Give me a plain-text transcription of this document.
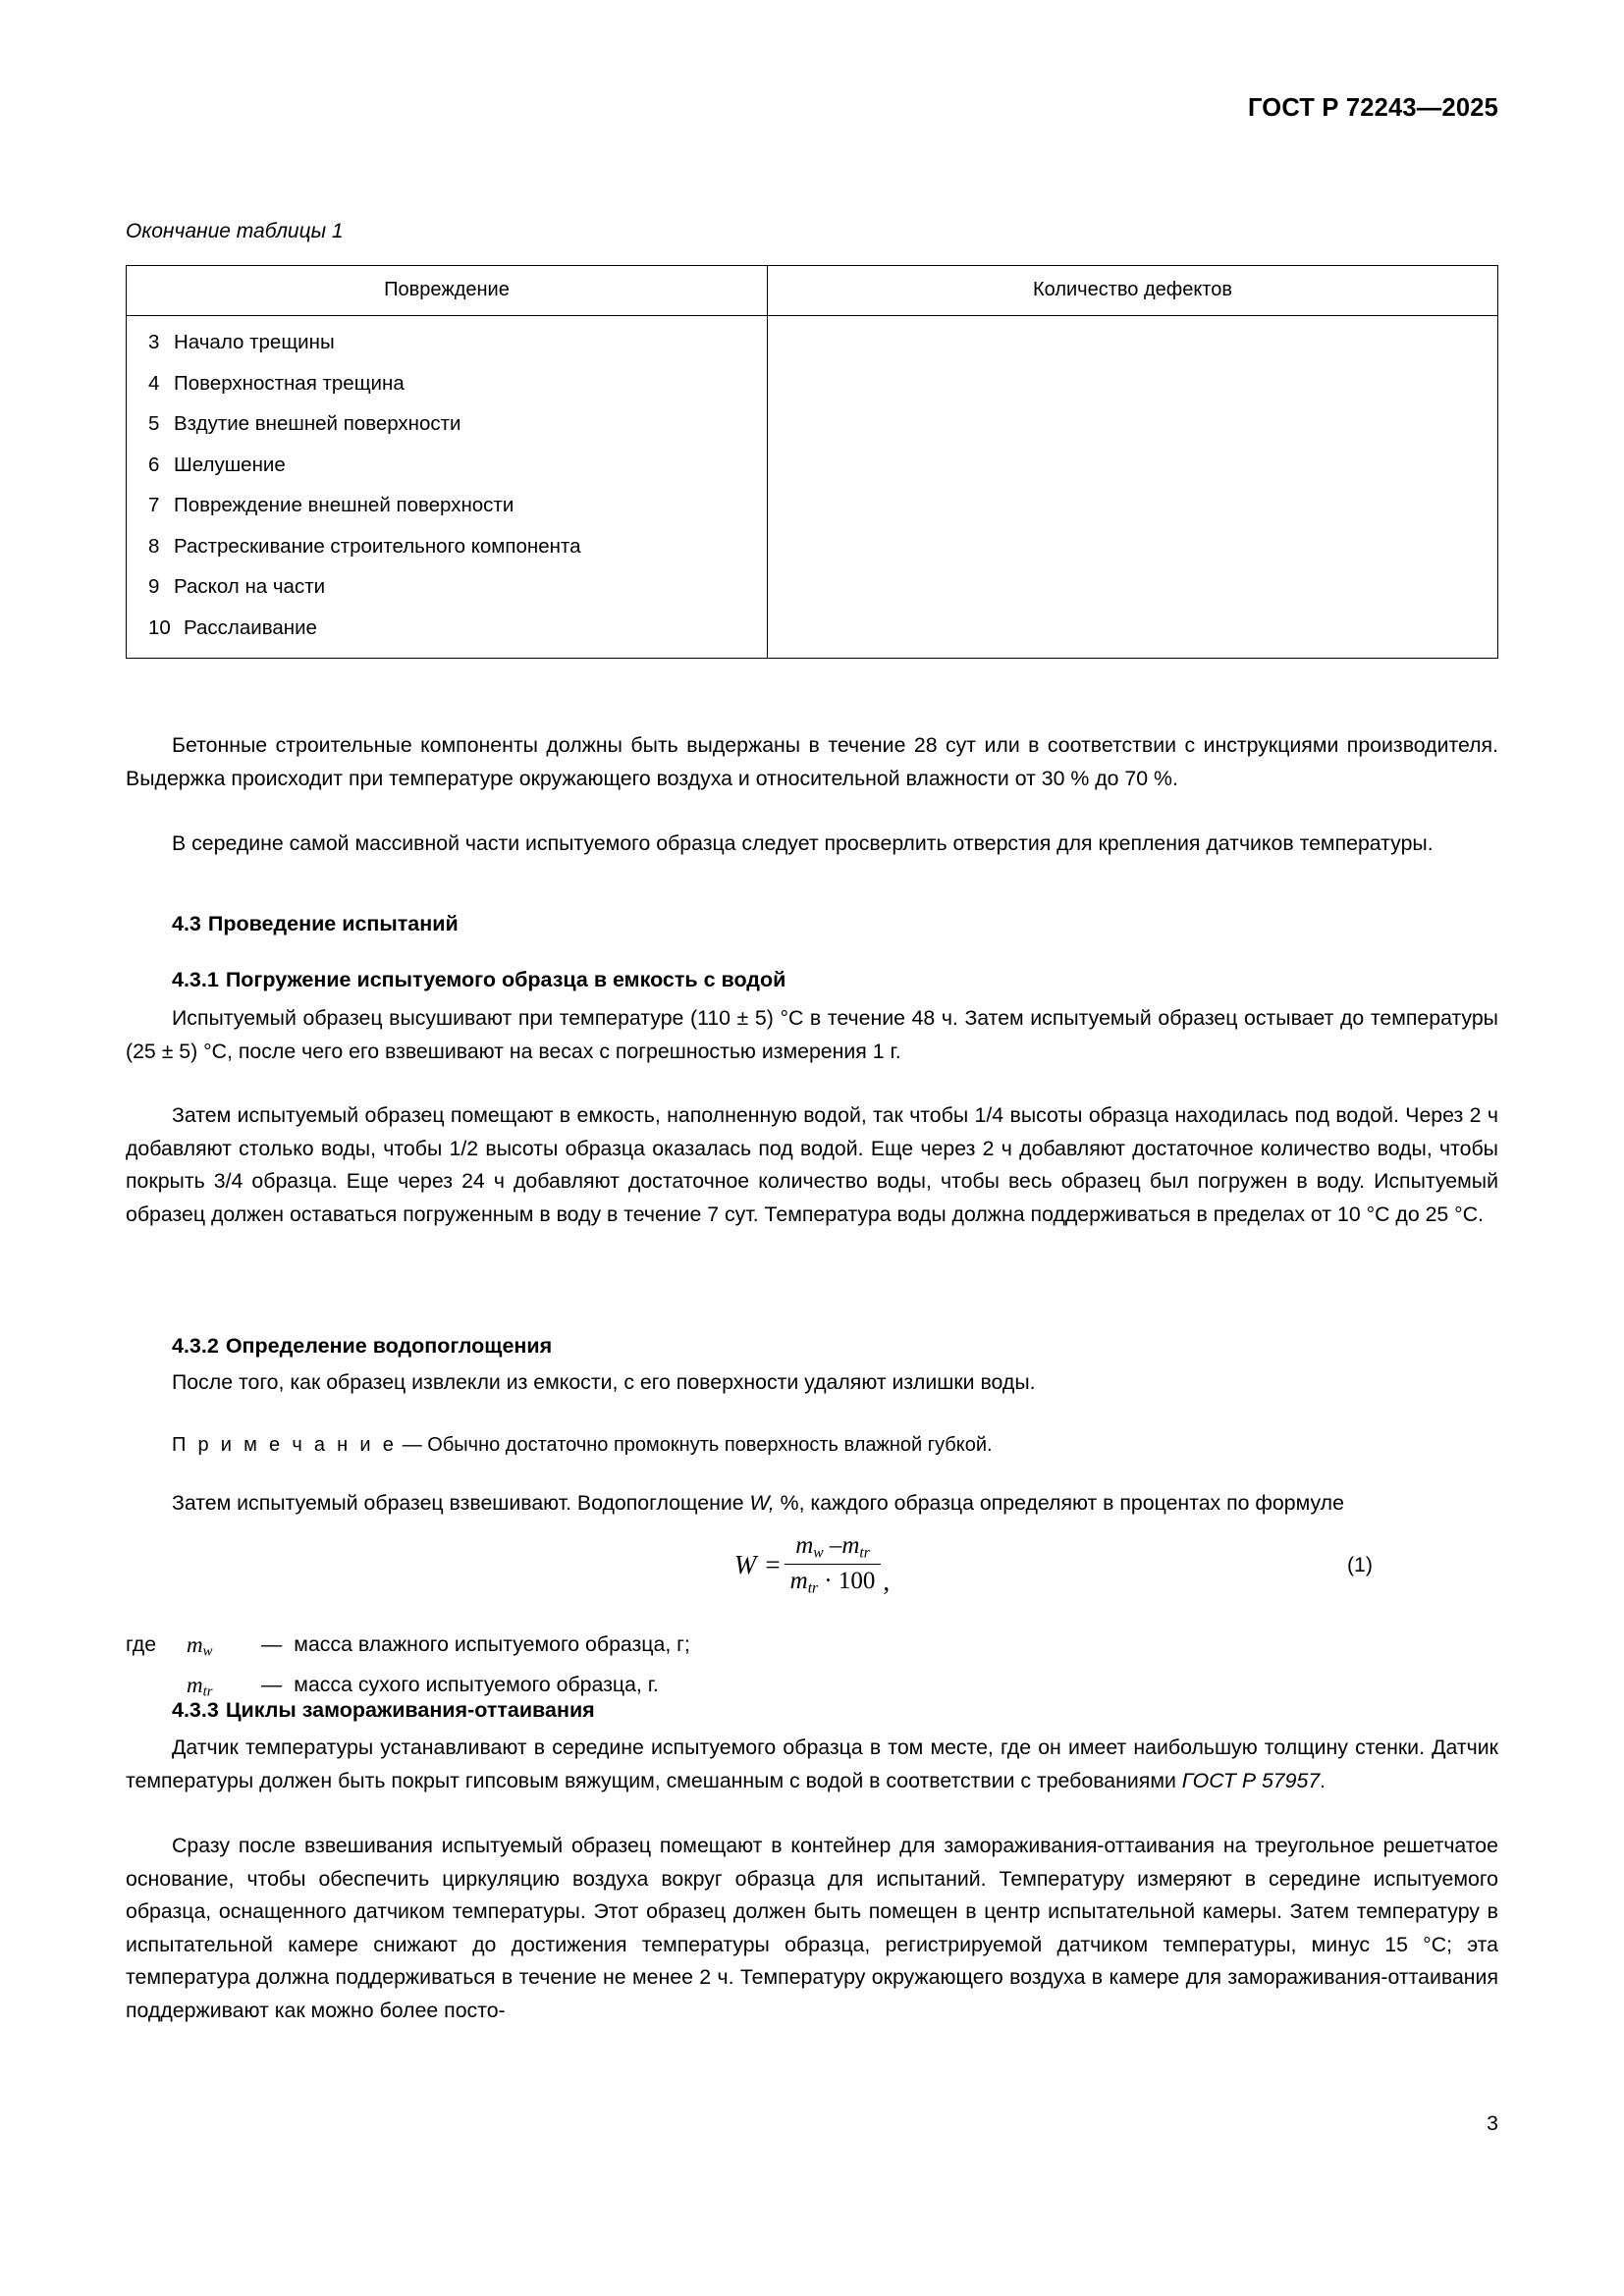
ГОСТ Р 72243—2025
Окончание таблицы 1
Повреждение	Количество дефектов

3 Начало трещины
4 Поверхностная трещина
5 Вздутие внешней поверхности
6 Шелушение
7 Повреждение внешней поверхности
8 Растрескивание строительного компонента
9 Раскол на части
10 Расслаивание

Бетонные строительные компоненты должны быть выдержаны в течение 28 сут или в соответствии с инструкциями производителя. Выдержка происходит при температуре окружающего воздуха и относительной влажности от 30 % до 70 %.

В середине самой массивной части испытуемого образца следует просверлить отверстия для крепления датчиков температуры.

4.3 Проведение испытаний
4.3.1 Погружение испытуемого образца в емкость с водой

Испытуемый образец высушивают при температуре (110 ± 5) °C в течение 48 ч. Затем испытуемый образец остывает до температуры (25 ± 5) °C, после чего его взвешивают на весах с погрешностью измерения 1 г.

Затем испытуемый образец помещают в емкость, наполненную водой, так чтобы 1/4 высоты образца находилась под водой. Через 2 ч добавляют столько воды, чтобы 1/2 высоты образца оказалась под водой. Еще через 2 ч добавляют достаточное количество воды, чтобы покрыть 3/4 образца. Еще через 24 ч добавляют достаточное количество воды, чтобы весь образец был погружен в воду. Испытуемый образец должен оставаться погруженным в воду в течение 7 сут. Температура воды должна поддерживаться в пределах от 10 °C до 25 °C.

4.3.2 Определение водопоглощения

После того, как образец извлекли из емкости, с его поверхности удаляют излишки воды.

П р и м е ч а н и е — Обычно достаточно промокнуть поверхность влажной губкой.

Затем испытуемый образец взвешивают. Водопоглощение W, %, каждого образца определяют в процентах по формуле

$W = \frac{m_w -m_{tr}}{m_{tr} \cdot 100}$ ,
(1)
где	$m_w$	— масса влажного испытуемого образца, г;
$m_{tr}$	— масса сухого испытуемого образца, г.
4.3.3 Циклы замораживания-оттаивания

Датчик температуры устанавливают в середине испытуемого образца в том месте, где он имеет наибольшую толщину стенки. Датчик температуры должен быть покрыт гипсовым вяжущим, смешанным с водой в соответствии с требованиями ГОСТ Р 57957.

Сразу после взвешивания испытуемый образец помещают в контейнер для замораживания-оттаивания на треугольное решетчатое основание, чтобы обеспечить циркуляцию воздуха вокруг образца для испытаний. Температуру измеряют в середине испытуемого образца, оснащенного датчиком температуры. Этот образец должен быть помещен в центр испытательной камеры. Затем температуру в испытательной камере снижают до достижения температуры образца, регистрируемой датчиком температуры, минус 15 °C; эта температура должна поддерживаться в течение не менее 2 ч. Температуру окружающего воздуха в камере для замораживания-оттаивания поддерживают как можно более посто-

3
